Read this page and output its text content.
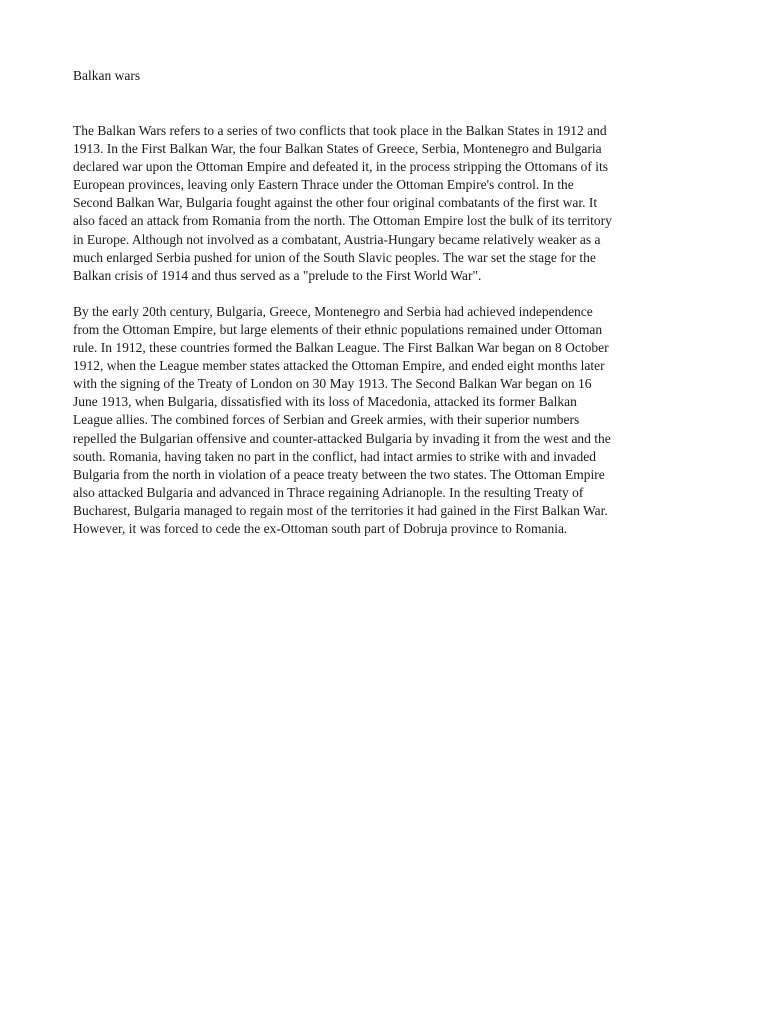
Balkan wars

The Balkan Wars refers to a series of two conflicts that took place in the Balkan States in 1912 and
1913. In the First Balkan War, the four Balkan States of Greece, Serbia, Montenegro and Bulgaria
declared war upon the Ottoman Empire and defeated it, in the process stripping the Ottomans of its
European provinces, leaving only Eastern Thrace under the Ottoman Empire's control. In the
Second Balkan War, Bulgaria fought against the other four original combatants of the first war. It
also faced an attack from Romania from the north. The Ottoman Empire lost the bulk of its territory
in Europe. Although not involved as a combatant, Austria-Hungary became relatively weaker as a
much enlarged Serbia pushed for union of the South Slavic peoples. The war set the stage for the
Balkan crisis of 1914 and thus served as a "prelude to the First World War".

By the early 20th century, Bulgaria, Greece, Montenegro and Serbia had achieved independence
from the Ottoman Empire, but large elements of their ethnic populations remained under Ottoman
rule. In 1912, these countries formed the Balkan League. The First Balkan War began on 8 October
1912, when the League member states attacked the Ottoman Empire, and ended eight months later
with the signing of the Treaty of London on 30 May 1913. The Second Balkan War began on 16
June 1913, when Bulgaria, dissatisfied with its loss of Macedonia, attacked its former Balkan
League allies. The combined forces of Serbian and Greek armies, with their superior numbers
repelled the Bulgarian offensive and counter-attacked Bulgaria by invading it from the west and the
south. Romania, having taken no part in the conflict, had intact armies to strike with and invaded
Bulgaria from the north in violation of a peace treaty between the two states. The Ottoman Empire
also attacked Bulgaria and advanced in Thrace regaining Adrianople. In the resulting Treaty of
Bucharest, Bulgaria managed to regain most of the territories it had gained in the First Balkan War.
However, it was forced to cede the ex-Ottoman south part of Dobruja province to Romania.
